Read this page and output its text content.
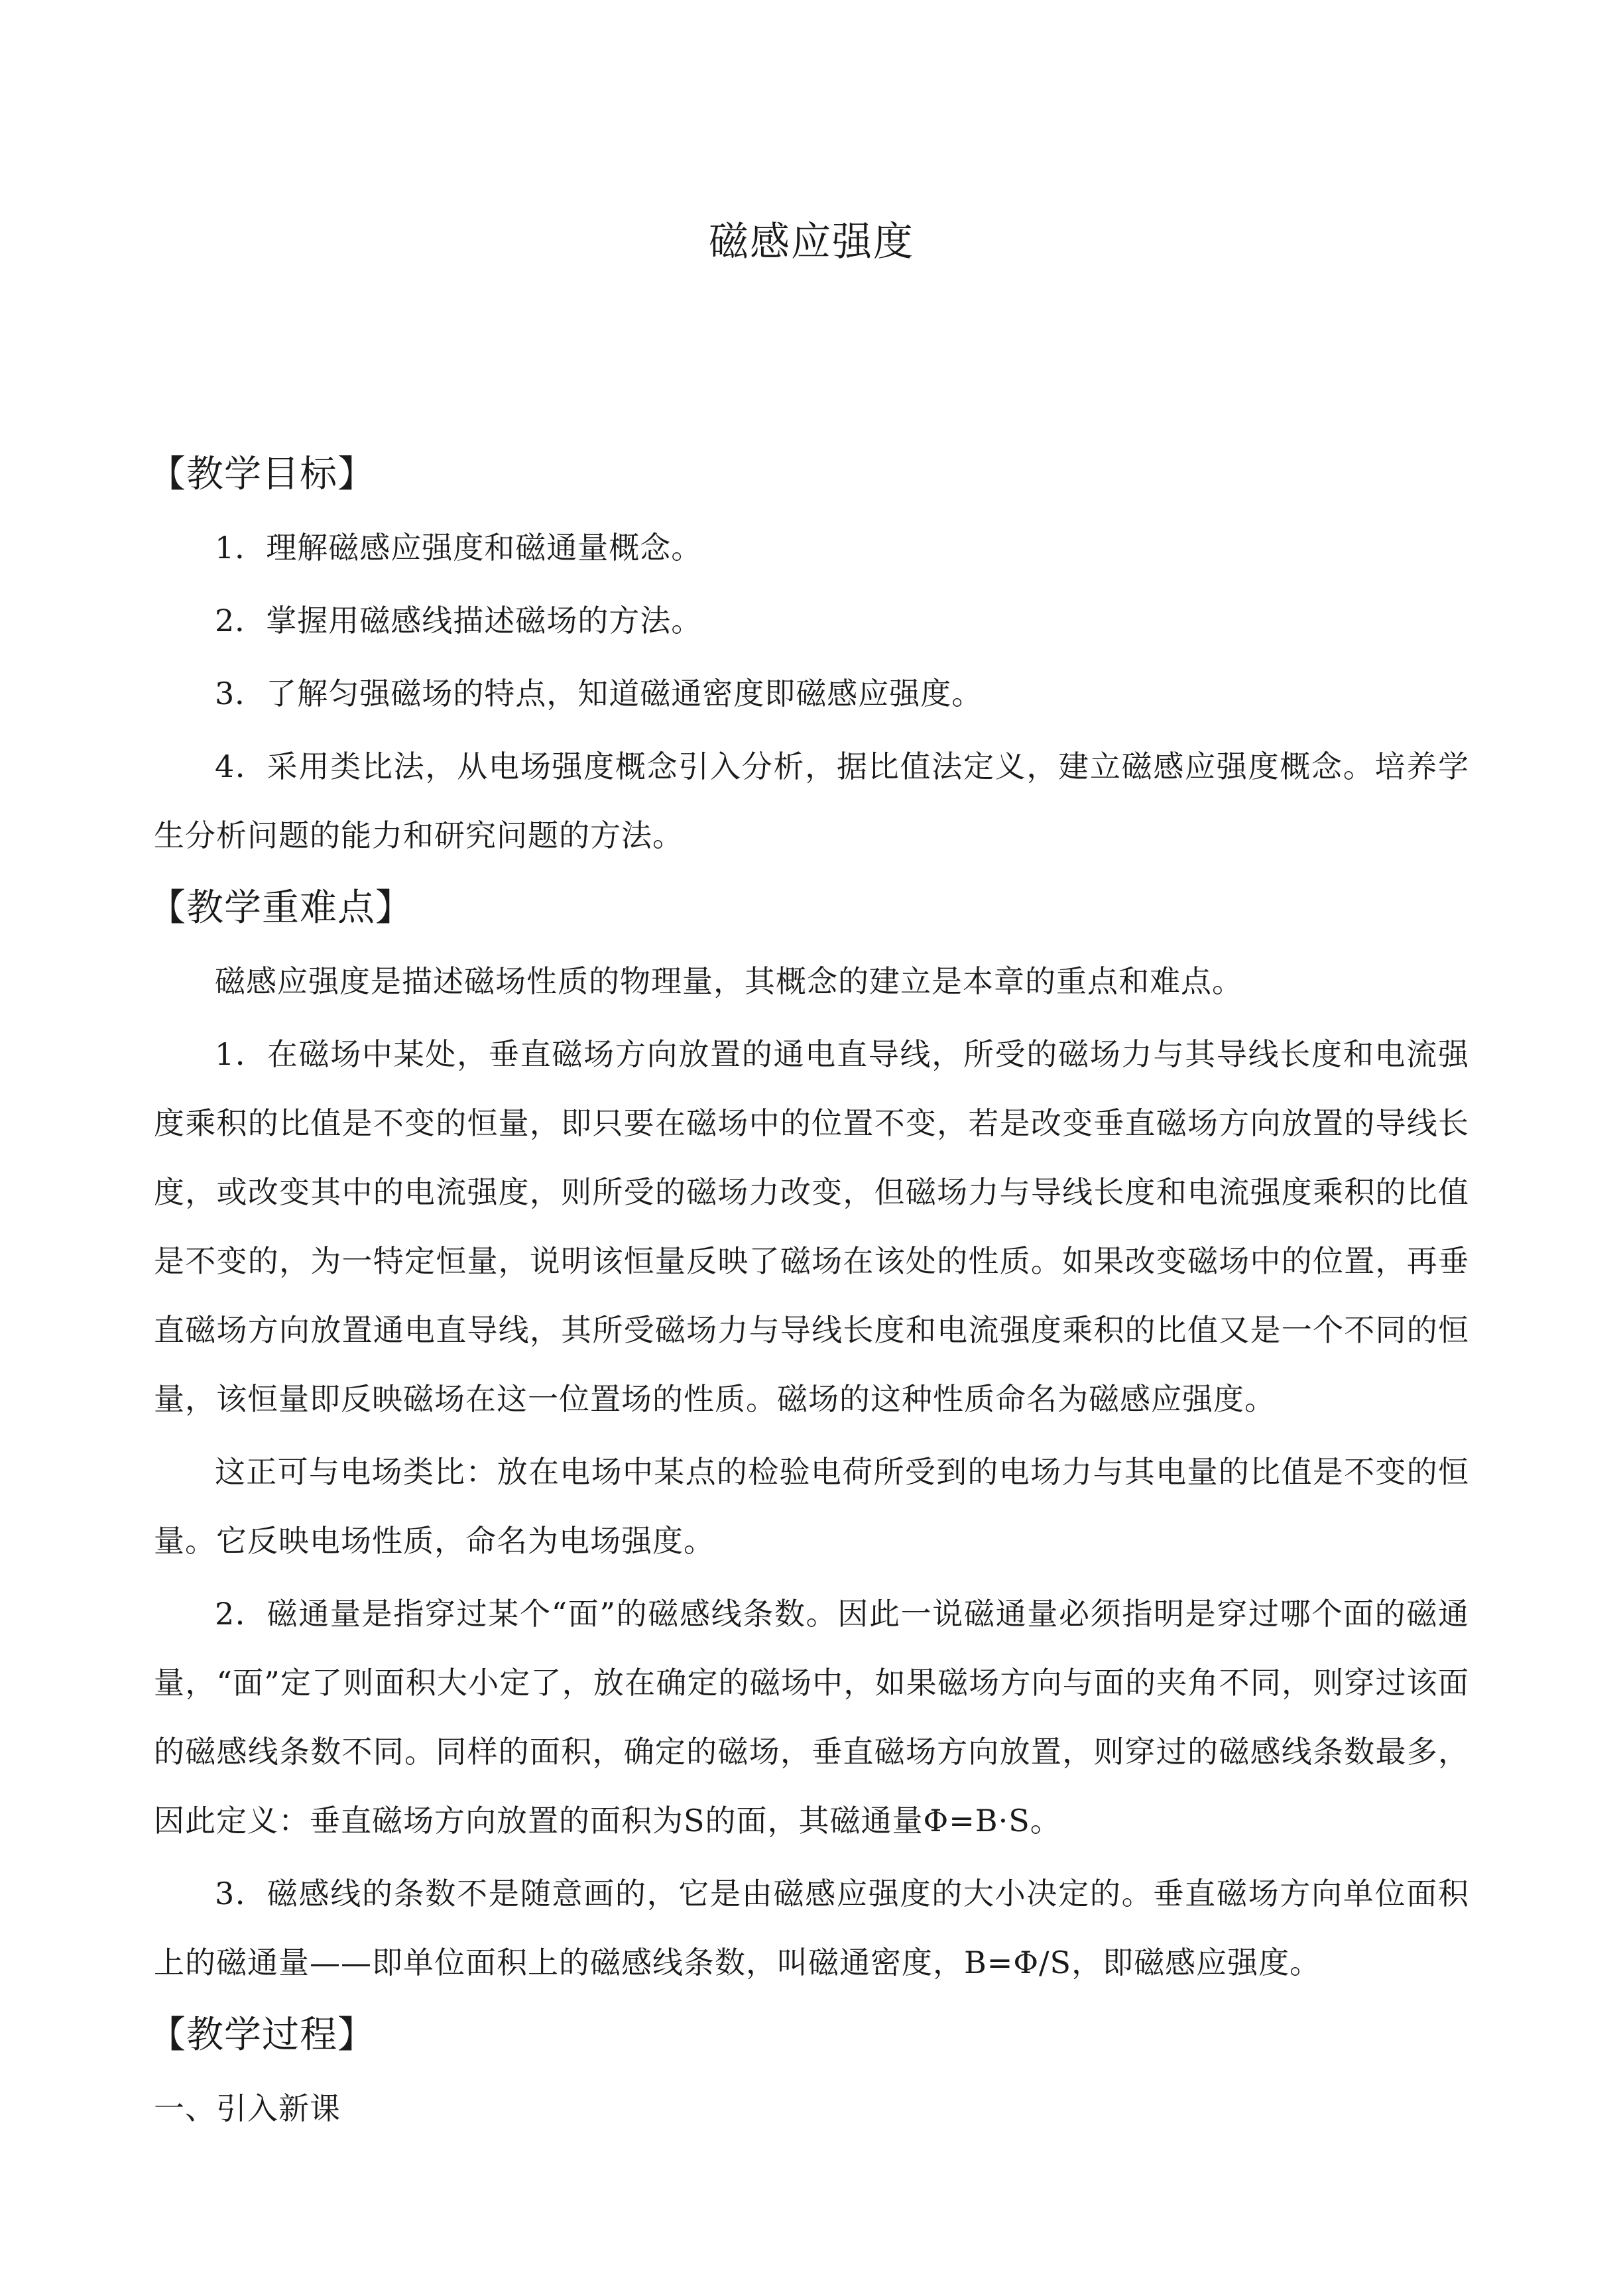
磁感应强度
【教学目标】

1．理解磁感应强度和磁通量概念。

2．掌握用磁感线描述磁场的方法。

3．了解匀强磁场的特点，知道磁通密度即磁感应强度。

4．采用类比法，从电场强度概念引入分析，据比值法定义，建立磁感应强度概念。培养学生分析问题的能力和研究问题的方法。

【教学重难点】

磁感应强度是描述磁场性质的物理量，其概念的建立是本章的重点和难点。

1．在磁场中某处，垂直磁场方向放置的通电直导线，所受的磁场力与其导线长度和电流强度乘积的比值是不变的恒量，即只要在磁场中的位置不变，若是改变垂直磁场方向放置的导线长度，或改变其中的电流强度，则所受的磁场力改变，但磁场力与导线长度和电流强度乘积的比值是不变的，为一特定恒量，说明该恒量反映了磁场在该处的性质。如果改变磁场中的位置，再垂直磁场方向放置通电直导线，其所受磁场力与导线长度和电流强度乘积的比值又是一个不同的恒量，该恒量即反映磁场在这一位置场的性质。磁场的这种性质命名为磁感应强度。

这正可与电场类比：放在电场中某点的检验电荷所受到的电场力与其电量的比值是不变的恒量。它反映电场性质，命名为电场强度。

2．磁通量是指穿过某个“面”的磁感线条数。因此一说磁通量必须指明是穿过哪个面的磁通量，“面”定了则面积大小定了，放在确定的磁场中，如果磁场方向与面的夹角不同，则穿过该面的磁感线条数不同。同样的面积，确定的磁场，垂直磁场方向放置，则穿过的磁感线条数最多，因此定义：垂直磁场方向放置的面积为S的面，其磁通量Φ=B·S。

3．磁感线的条数不是随意画的，它是由磁感应强度的大小决定的。垂直磁场方向单位面积上的磁通量——即单位面积上的磁感线条数，叫磁通密度，B=Φ/S，即磁感应强度。

【教学过程】

一、引入新课
